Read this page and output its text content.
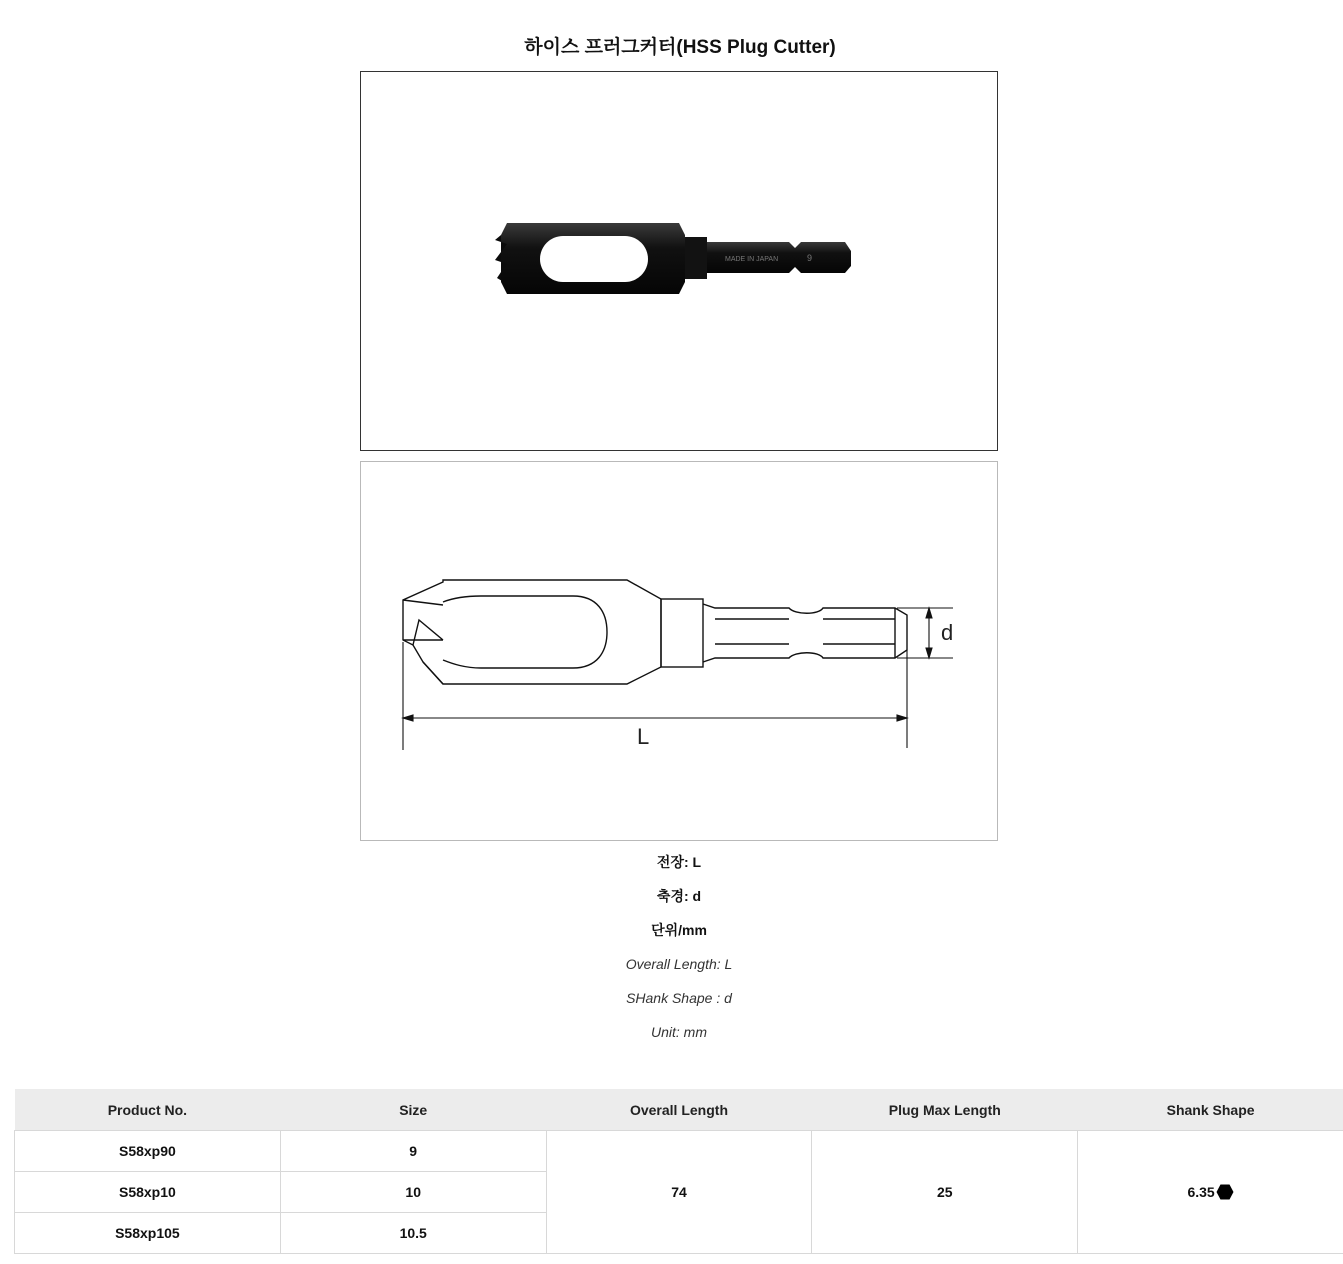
하이스 프러그커터(HSS Plug Cutter)
MADE IN JAPAN	9
L
d
전장: L
축경: d
단위/mm
Overall Length: L
SHank Shape : d
Unit: mm
Product No.	Size	Overall Length	Plug Max Length	Shank Shape
S58xp90	9	74	25	6.35
S58xp10	10			
S58xp105	10.5			
